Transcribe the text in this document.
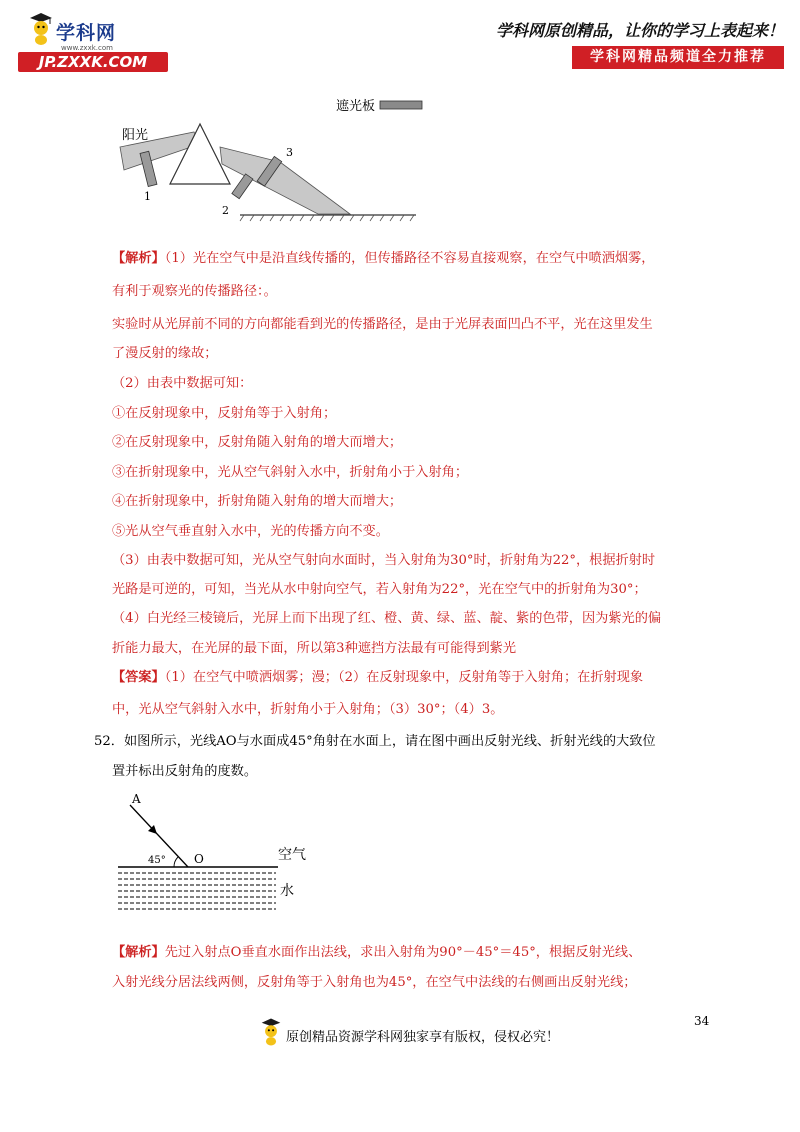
学科网
www.zxxk.com
JP.ZXXK.COM
学科网原创精品，让你的学习上表起来！
学科网精品频道全力推荐
遮光板
阳光
1
2
3
【解析】（1）光在空气中是沿直线传播的，但传播路径不容易直接观察，在空气中喷洒烟雾，
有利于观察光的传播路径：。
实验时从光屏前不同的方向都能看到光的传播路径，是由于光屏表面凹凸不平，光在这里发生
了漫反射的缘故；
（2）由表中数据可知：
①在反射现象中，反射角等于入射角；
②在反射现象中，反射角随入射角的增大而增大；
③在折射现象中，光从空气斜射入水中，折射角小于入射角；
④在折射现象中，折射角随入射角的增大而增大；
⑤光从空气垂直射入水中，光的传播方向不变。
（3）由表中数据可知，光从空气射向水面时，当入射角为30°时，折射角为22°，根据折射时
光路是可逆的，可知，当光从水中射向空气，若入射角为22°，光在空气中的折射角为30°；
（4）白光经三棱镜后，光屏上而下出现了红、橙、黄、绿、蓝、靛、紫的色带，因为紫光的偏
折能力最大，在光屏的最下面，所以第3种遮挡方法最有可能得到紫光
【答案】（1）在空气中喷洒烟雾；漫；（2）在反射现象中，反射角等于入射角；在折射现象
中，光从空气斜射入水中，折射角小于入射角；（3）30°；（4）3。
52．如图所示，光线AO与水面成45°角射在水面上，请在图中画出反射光线、折射光线的大致位
置并标出反射角的度数。
A
45° O	空气
水
【解析】先过入射点O垂直水面作出法线，求出入射角为90°－45°＝45°，根据反射光线、
入射光线分居法线两侧，反射角等于入射角也为45°，在空气中法线的右侧画出反射光线；
34
原创精品资源学科网独家享有版权，侵权必究！
